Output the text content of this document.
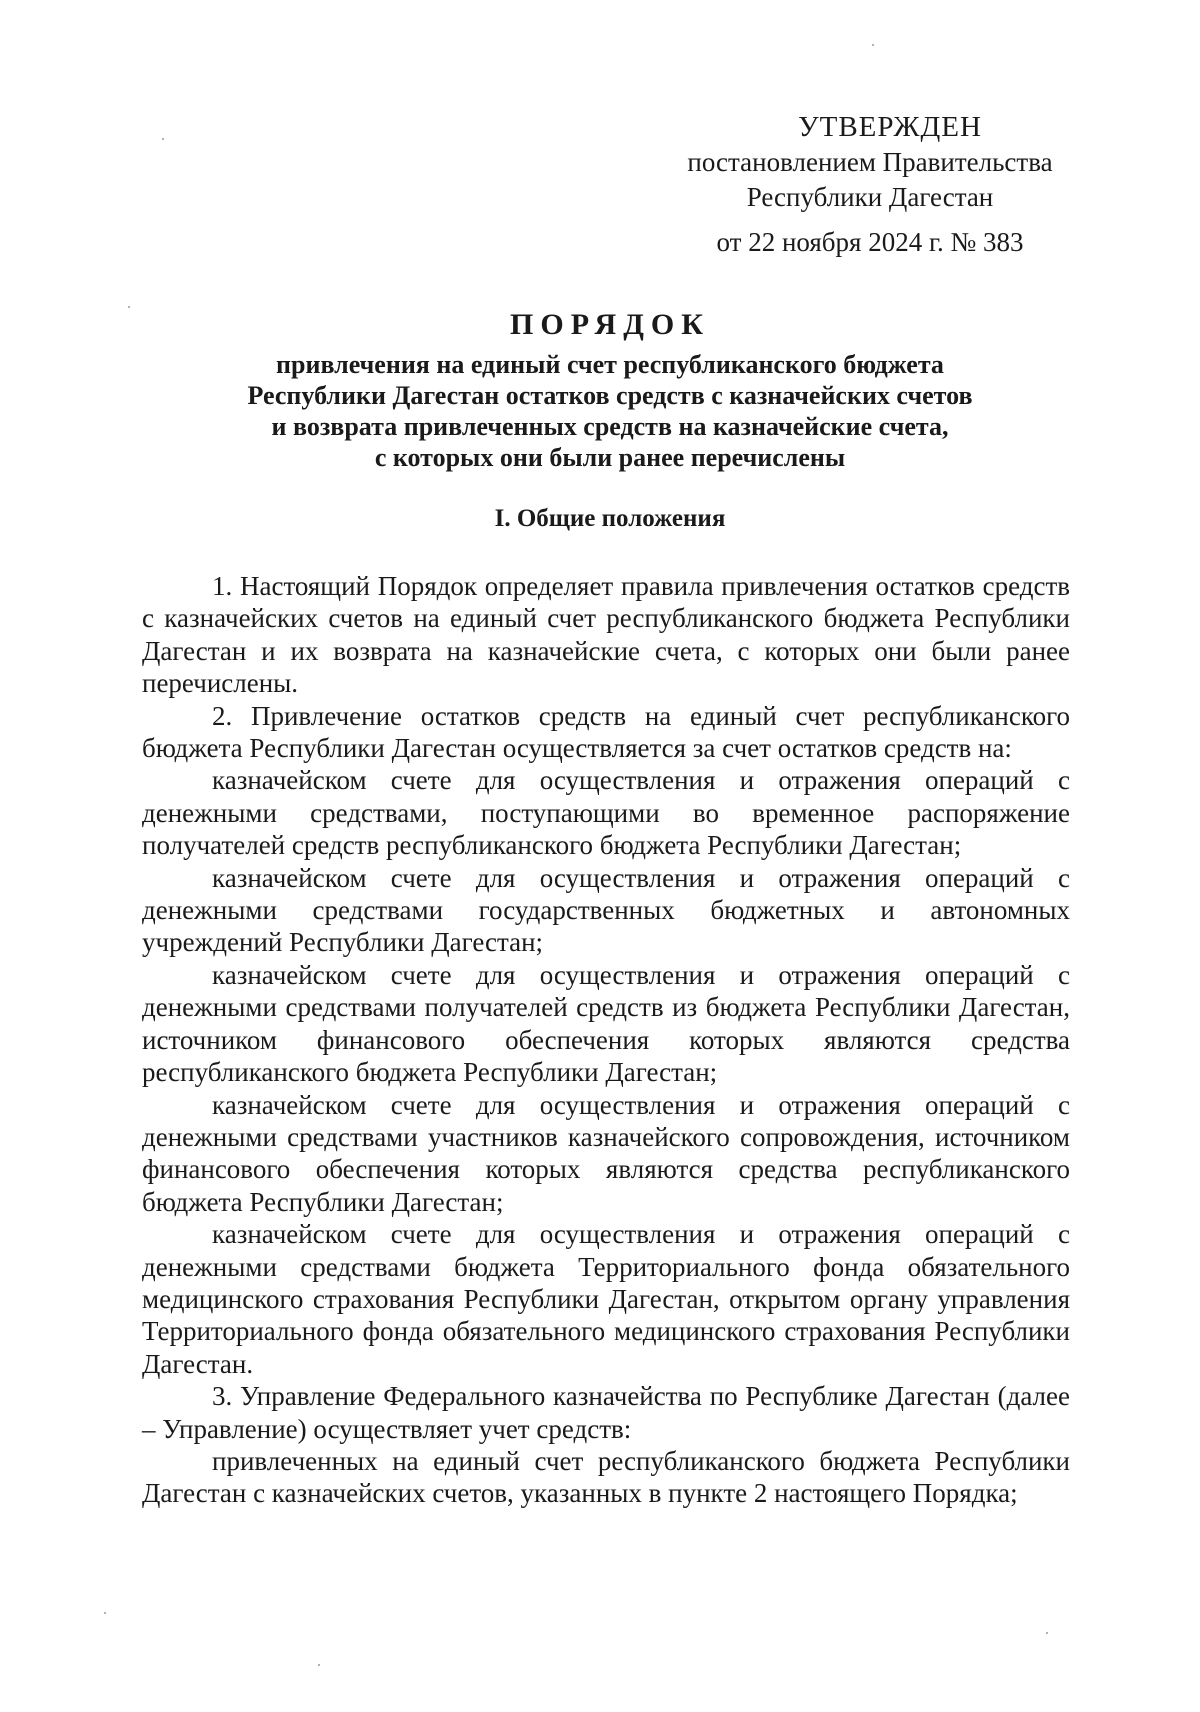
УТВЕРЖДЕН
постановлением Правительства
Республики Дагестан
от 22 ноября 2024 г. № 383
ПОРЯДОК
привлечения на единый счет республиканского бюджета
Республики Дагестан остатков средств с казначейских счетов
и возврата привлеченных средств на казначейские счета,
с которых они были ранее перечислены
I. Общие положения

1. Настоящий Порядок определяет правила привлечения остатков средств с казначейских счетов на единый счет республиканского бюджета Республики Дагестан и их возврата на казначейские счета, с которых они были ранее перечислены.

2. Привлечение остатков средств на единый счет республиканского бюджета Республики Дагестан осуществляется за счет остатков средств на:

казначейском счете для осуществления и отражения операций с денежными средствами, поступающими во временное распоряжение получателей средств республиканского бюджета Республики Дагестан;

казначейском счете для осуществления и отражения операций с денежными средствами государственных бюджетных и автономных учреждений Республики Дагестан;

казначейском счете для осуществления и отражения операций с денежными средствами получателей средств из бюджета Республики Дагестан, источником финансового обеспечения которых являются средства республиканского бюджета Республики Дагестан;

казначейском счете для осуществления и отражения операций с денежными средствами участников казначейского сопровождения, источником финансового обеспечения которых являются средства республиканского бюджета Республики Дагестан;

казначейском счете для осуществления и отражения операций с денежными средствами бюджета Территориального фонда обязательного медицинского страхования Республики Дагестан, открытом органу управления Территориального фонда обязательного медицинского страхования Республики Дагестан.

3. Управление Федерального казначейства по Республике Дагестан (далее – Управление) осуществляет учет средств:

привлеченных на единый счет республиканского бюджета Республики Дагестан с казначейских счетов, указанных в пункте 2 настоящего Порядка;
